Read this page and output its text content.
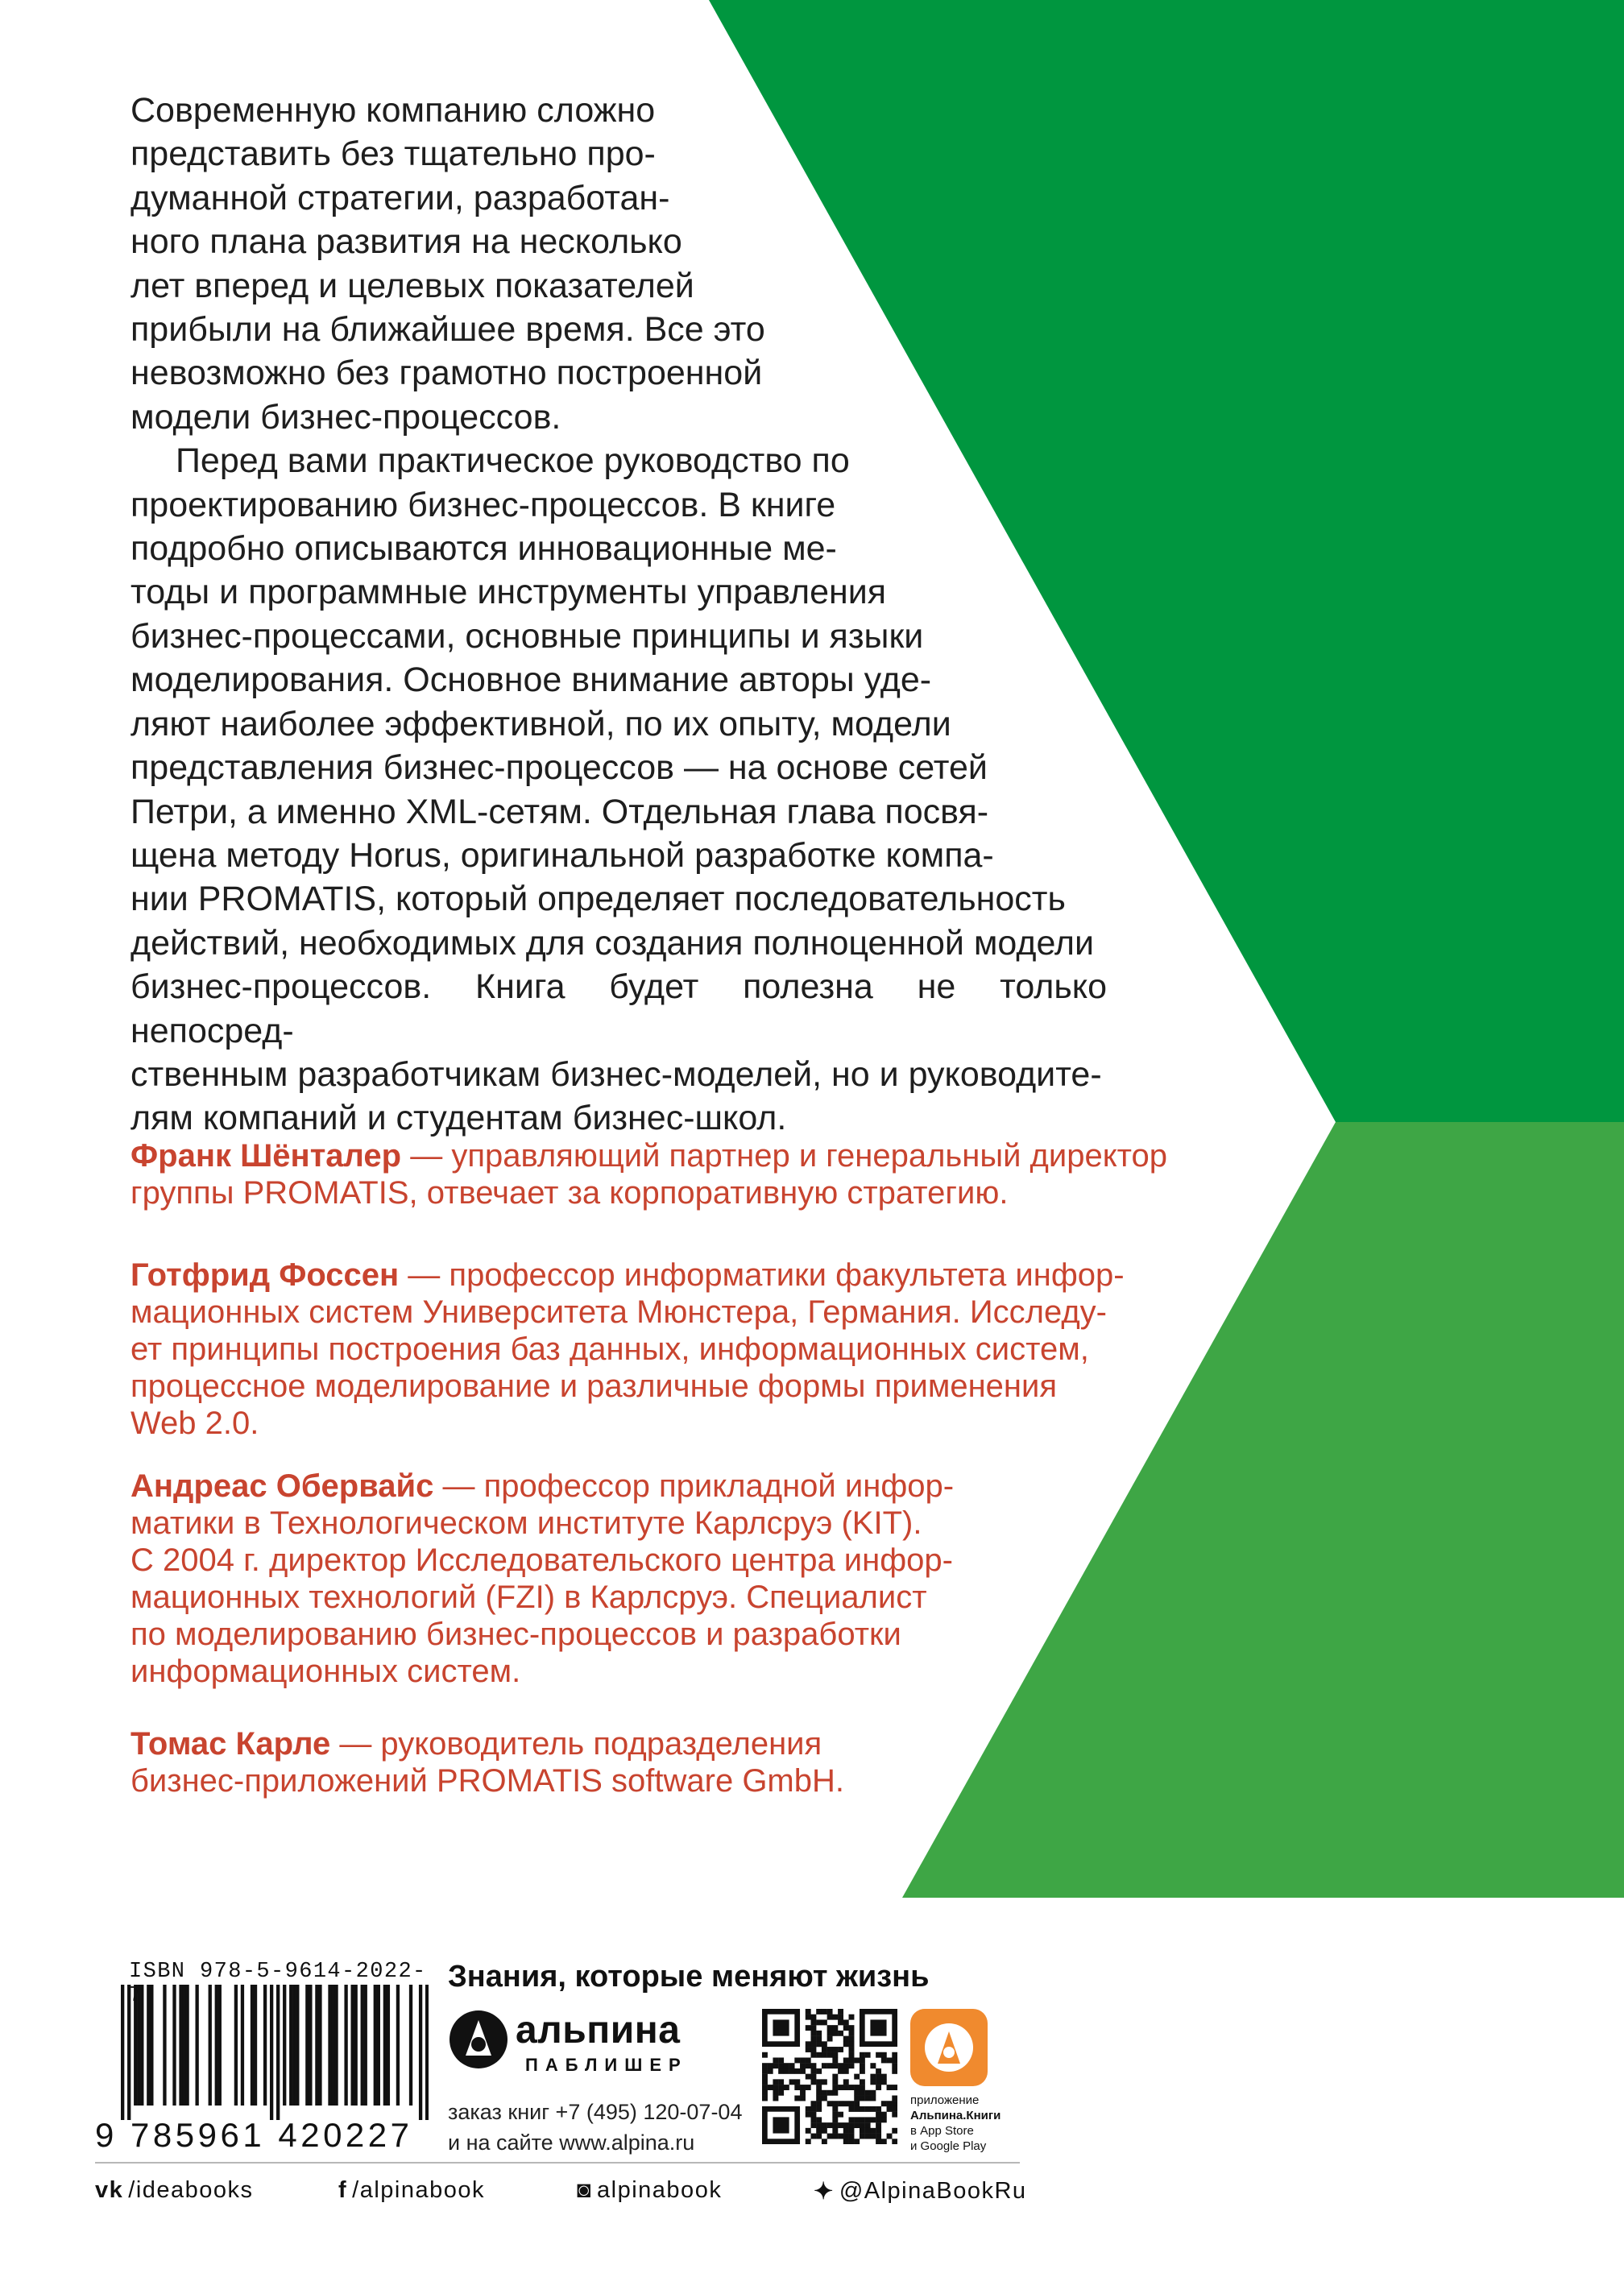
Современную компанию сложно

представить без тщательно про-

думанной стратегии, разработан-

ного плана развития на несколько

лет вперед и целевых показателей

прибыли на ближайшее время. Все это

невозможно без грамотно построенной

модели бизнес-процессов.

Перед вами практическое руководство по

проектированию бизнес-процессов. В книге

подробно описываются инновационные ме-

тоды и программные инструменты управления

бизнес-процессами, основные принципы и языки

моделирования. Основное внимание авторы уде-

ляют наиболее эффективной, по их опыту, модели

представления бизнес-процессов — на основе сетей

Петри, а именно XML-сетям. Отдельная глава посвя-

щена методу Horus, оригинальной разработке компа-

нии PROMATIS, который определяет последовательность

действий, необходимых для создания полноценной модели

бизнес-процессов. Книга будет полезна не только непосред-

ственным разработчикам бизнес-моделей, но и руководите-

лям компаний и студентам бизнес-школ.

Франк Шёнталер — управляющий партнер и генеральный директор
группы PROMATIS, отвечает за корпоративную стратегию.
Готфрид Фоссен — профессор информатики факультета инфор-
мационных систем Университета Мюнстера, Германия. Исследу-
ет принципы построения баз данных, информационных систем,
процессное моделирование и различные формы применения
Web 2.0.
Андреас Обервайс — профессор прикладной инфор-
матики в Технологическом институте Карлсруэ (KIT).
С 2004 г. директор Исследовательского центра инфор-
мационных технологий (FZI) в Карлсруэ. Специалист
по моделированию бизнес-процессов и разработки
информационных систем.
Томас Карле — руководитель подразделения
бизнес-приложений PROMATIS software GmbH.
ISBN 978-5-9614-2022-
9 785961 420227
Знания, которые меняют жизнь
альпина
ПАБЛИШЕР
заказ книг +7 (495) 120-07-04
и на сайте www.alpina.ru
приложение
Альпина.Книги
в App Store
и Google Play
vk /ideabooks	f /alpinabook	◙ alpinabook	✦ @AlpinaBookRu
